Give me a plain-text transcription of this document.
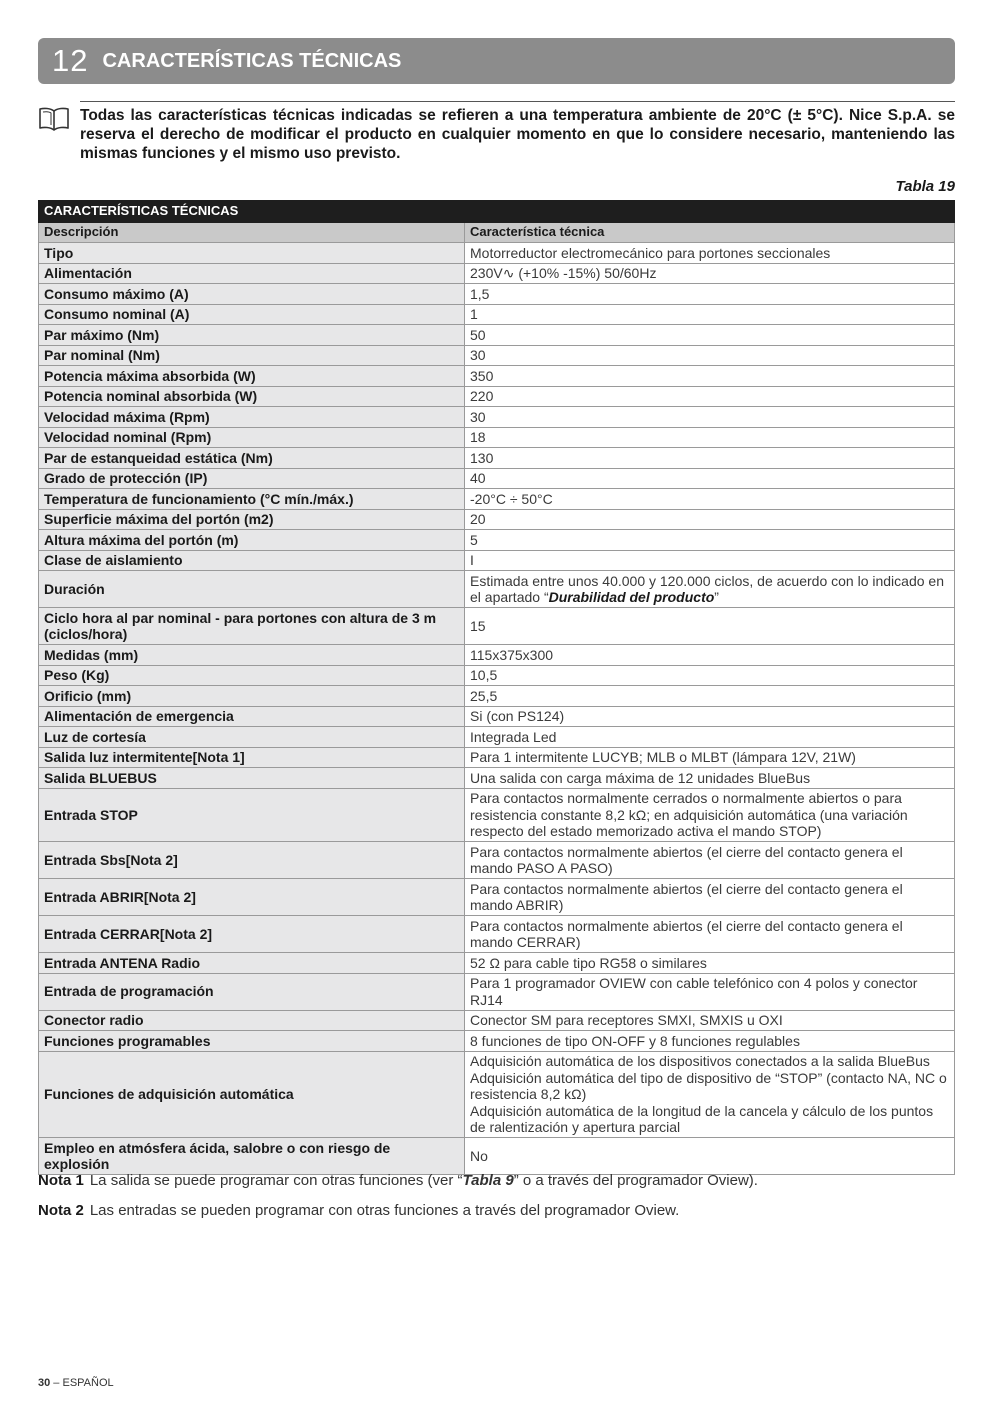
12 CARACTERÍSTICAS TÉCNICAS

Todas las características técnicas indicadas se refieren a una temperatura ambiente de 20°C (± 5°C). Nice S.p.A. se reserva el derecho de modificar el producto en cualquier momento en que lo considere necesario, manteniendo las mismas funciones y el mismo uso previsto.

Tabla 19
CARACTERÍSTICAS TÉCNICAS	
Descripción	Característica técnica
Tipo	Motorreductor electromecánico para portones seccionales
Alimentación	230V∿ (+10% -15%) 50/60Hz
Consumo máximo (A)	1,5
Consumo nominal (A)	1
Par máximo (Nm)	50
Par nominal (Nm)	30
Potencia máxima absorbida (W)	350
Potencia nominal absorbida (W)	220
Velocidad máxima (Rpm)	30
Velocidad nominal (Rpm)	18
Par de estanqueidad estática (Nm)	130
Grado de protección (IP)	40
Temperatura de funcionamiento (°C mín./máx.)	-20°C ÷ 50°C
Superficie máxima del portón (m2)	20
Altura máxima del portón (m)	5
Clase de aislamiento	I
Duración	Estimada entre unos 40.000 y 120.000 ciclos, de acuerdo con lo indicado en el apartado “Durabilidad del producto”
Ciclo hora al par nominal - para portones con altura de 3 m (ciclos/hora)	15
Medidas (mm)	115x375x300
Peso (Kg)	10,5
Orificio (mm)	25,5
Alimentación de emergencia	Si (con PS124)
Luz de cortesía	Integrada Led
Salida luz intermitente[Nota 1]	Para 1 intermitente LUCYB; MLB o MLBT (lámpara 12V, 21W)
Salida BLUEBUS	Una salida con carga máxima de 12 unidades BlueBus
Entrada STOP	Para contactos normalmente cerrados o normalmente abiertos o para resistencia constante 8,2 kΩ; en adquisición automática (una variación respecto del estado memorizado activa el mando STOP)
Entrada Sbs[Nota 2]	Para contactos normalmente abiertos (el cierre del contacto genera el mando PASO A PASO)
Entrada ABRIR[Nota 2]	Para contactos normalmente abiertos (el cierre del contacto genera el mando ABRIR)
Entrada CERRAR[Nota 2]	Para contactos normalmente abiertos (el cierre del contacto genera el mando CERRAR)
Entrada ANTENA Radio	52 Ω para cable tipo RG58 o similares
Entrada de programación	Para 1 programador OVIEW con cable telefónico con 4 polos y conector RJ14
Conector radio	Conector SM para receptores SMXI, SMXIS u OXI
Funciones programables	8 funciones de tipo ON-OFF y 8 funciones regulables
Funciones de adquisición automática	Adquisición automática de los dispositivos conectados a la salida BlueBus
Adquisición automática del tipo de dispositivo de “STOP” (contacto NA, NC o resistencia 8,2 kΩ)
Adquisición automática de la longitud de la cancela y cálculo de los puntos de ralentización y apertura parcial
Empleo en atmósfera ácida, salobre o con riesgo de explosión	No

Nota 1 La salida se puede programar con otras funciones (ver “Tabla 9” o a través del programador Oview).

Nota 2 Las entradas se pueden programar con otras funciones a través del programador Oview.

30 – ESPAÑOL
